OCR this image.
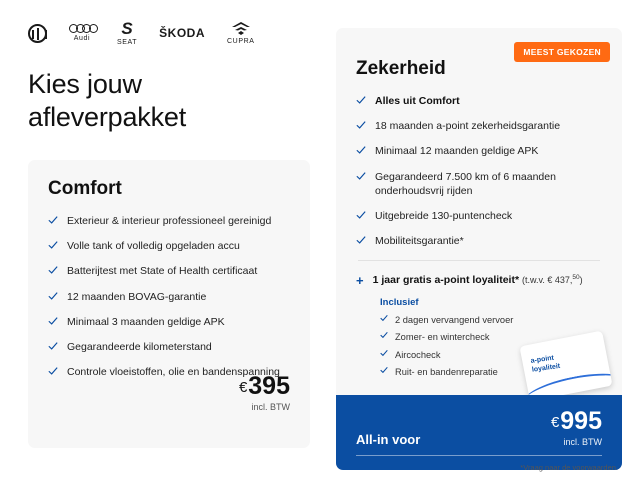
Audi
S
SEAT
ŠKODA
CUPRA
Kies jouw
afleverpakket
Comfort
Exterieur & interieur professioneel gereinigd
Volle tank of volledig opgeladen accu
Batterijtest met State of Health certificaat
12 maanden BOVAG-garantie
Minimaal 3 maanden geldige APK
Gegarandeerde kilometerstand
Controle vloeistoffen, olie en bandenspanning
€395
incl. BTW
MEEST GEKOZEN
Zekerheid
Alles uit Comfort
18 maanden a-point zekerheidsgarantie
Minimaal 12 maanden geldige APK
Gegarandeerd 7.500 km of 6 maanden onderhoudsvrij rijden
Uitgebreide 130-puntencheck
Mobiliteitsgarantie*
+ 1 jaar gratis a-point loyaliteit* (t.w.v. € 437,50)
Inclusief
2 dagen vervangend vervoer
Zomer- en wintercheck
Aircocheck
Ruit- en bandenreparatie
a-point
loyaliteit
All-in voor
€995
incl. BTW
*Vraag naar de voorwaarden.
